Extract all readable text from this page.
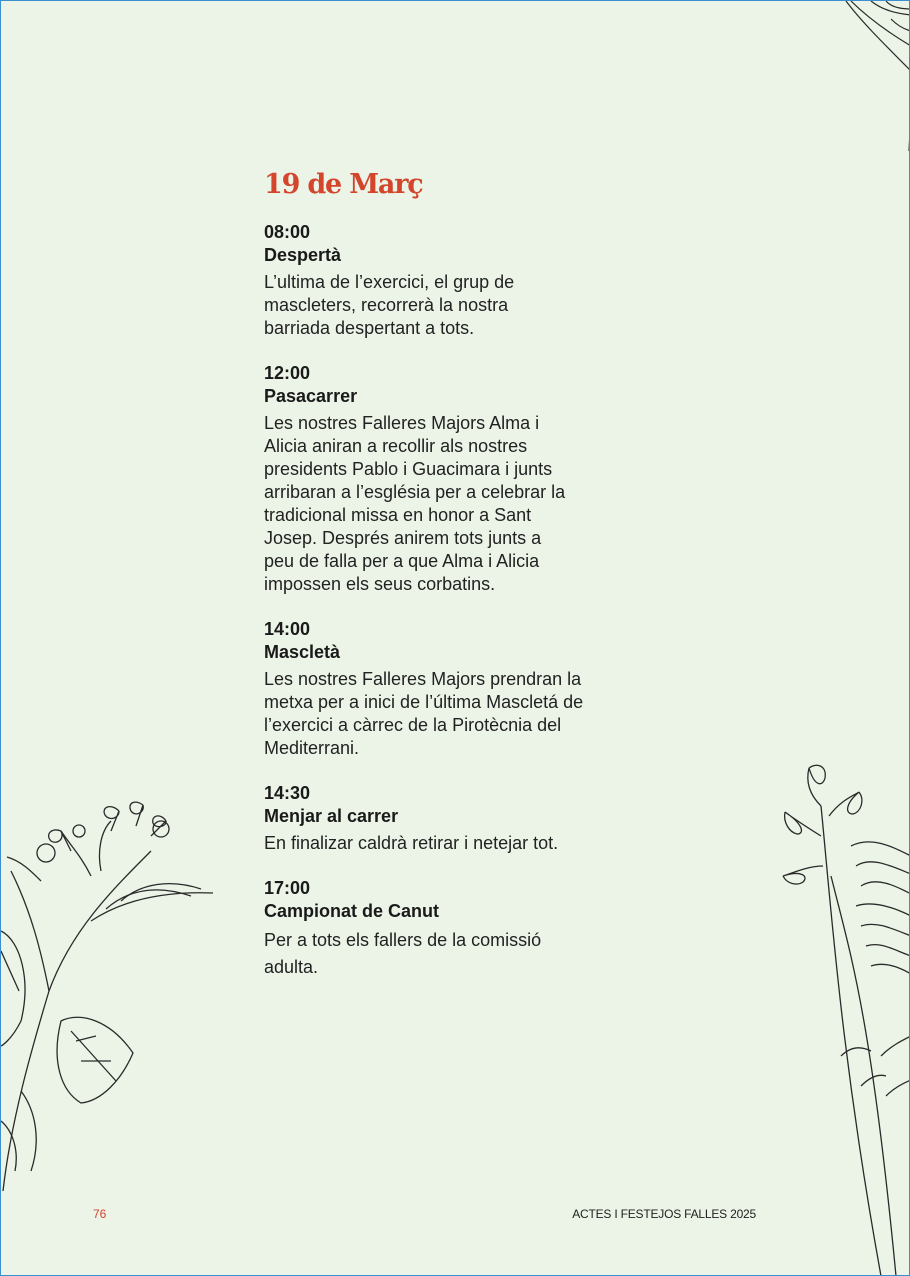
19 de Març
08:00
Despertà
L’ultima de l’exercici, el grup de mascleters, recorrerà la nostra barriada despertant a tots.
12:00
Pasacarrer
Les nostres Falleres Majors Alma i Alicia aniran a recollir als nostres presidents Pablo i Guacimara i junts arribaran a l’església per a celebrar la tradicional missa en honor a Sant Josep. Després anirem tots junts a peu de falla per a que Alma i Alicia impossen els seus corbatins.
14:00
Mascletà
Les nostres Falleres Majors prendran la metxa per a inici de l’última Mascletá de l’exercici a càrrec de la Pirotècnia del Mediterrani.
14:30
Menjar al carrer
En finalizar caldrà retirar i netejar tot.
17:00
Campionat de Canut
Per a tots els fallers de la comissió adulta.
76	ACTES I FESTEJOS FALLES 2025
